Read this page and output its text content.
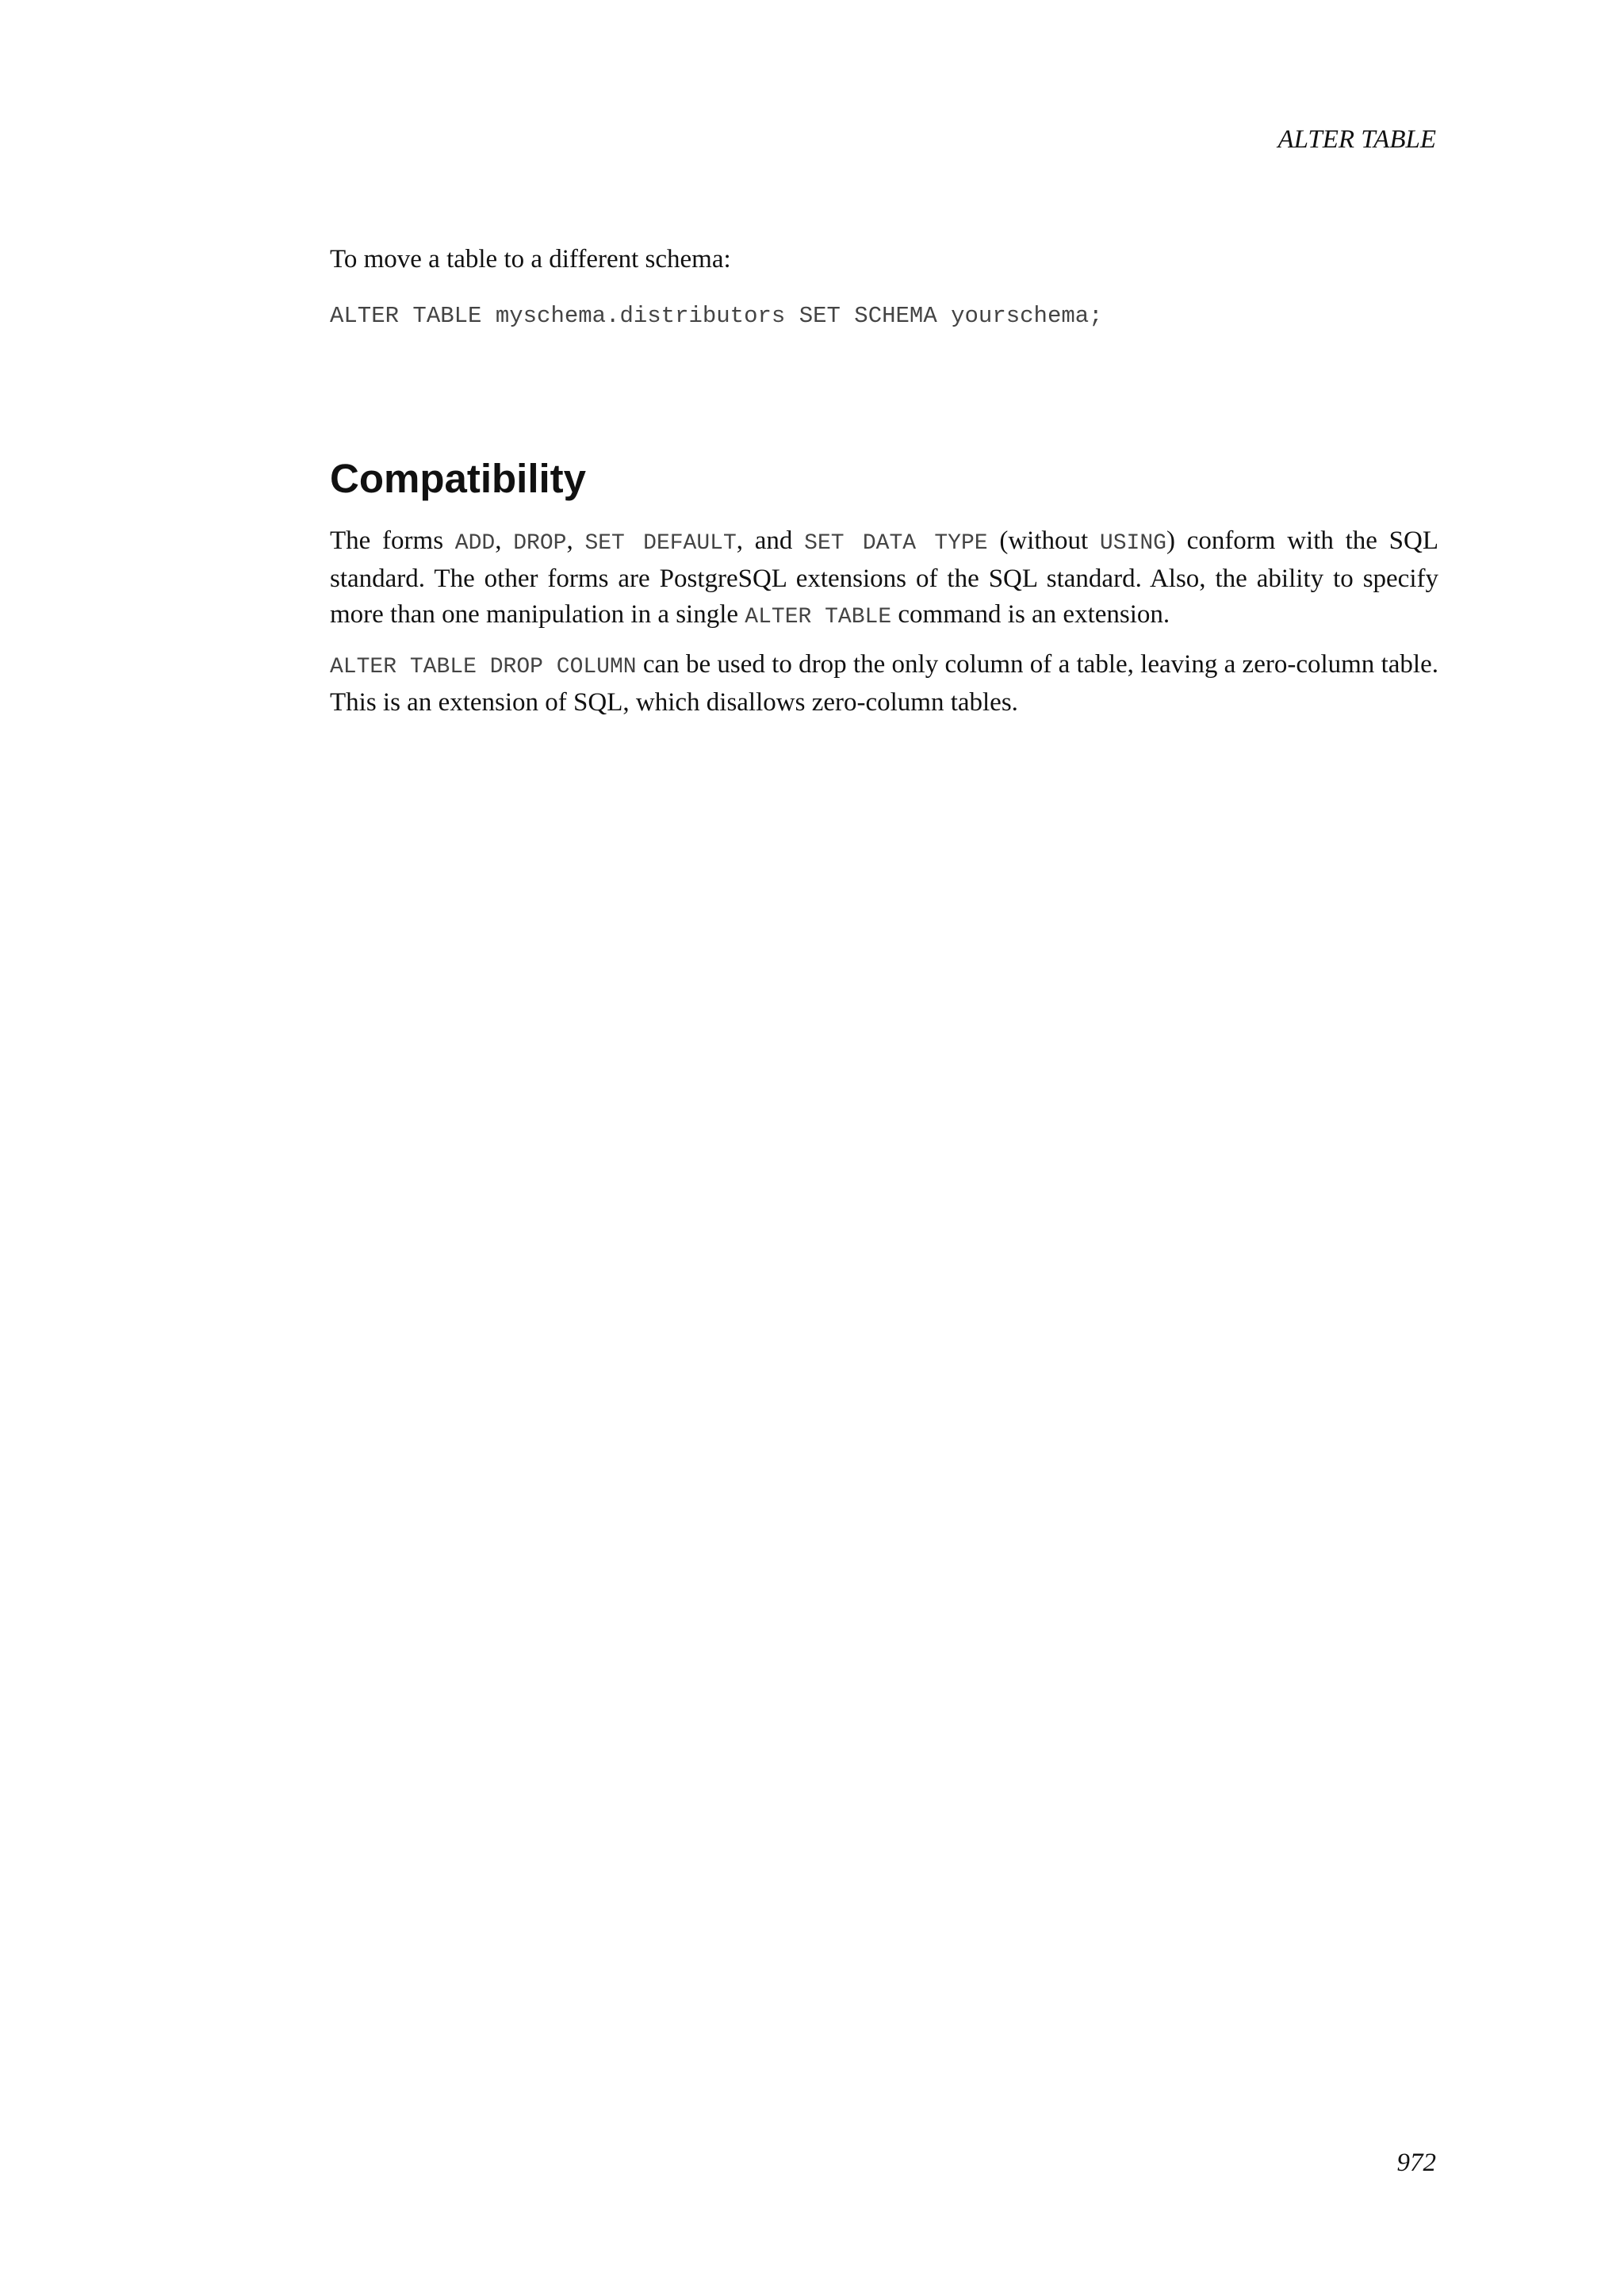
ALTER TABLE

To move a table to a different schema:

ALTER TABLE myschema.distributors SET SCHEMA yourschema;
Compatibility

The forms ADD, DROP, SET DEFAULT, and SET DATA TYPE (without USING) conform with the SQL standard. The other forms are PostgreSQL extensions of the SQL standard. Also, the ability to specify more than one manipulation in a single ALTER TABLE command is an extension.

ALTER TABLE DROP COLUMN can be used to drop the only column of a table, leaving a zero-column table. This is an extension of SQL, which disallows zero-column tables.

972
